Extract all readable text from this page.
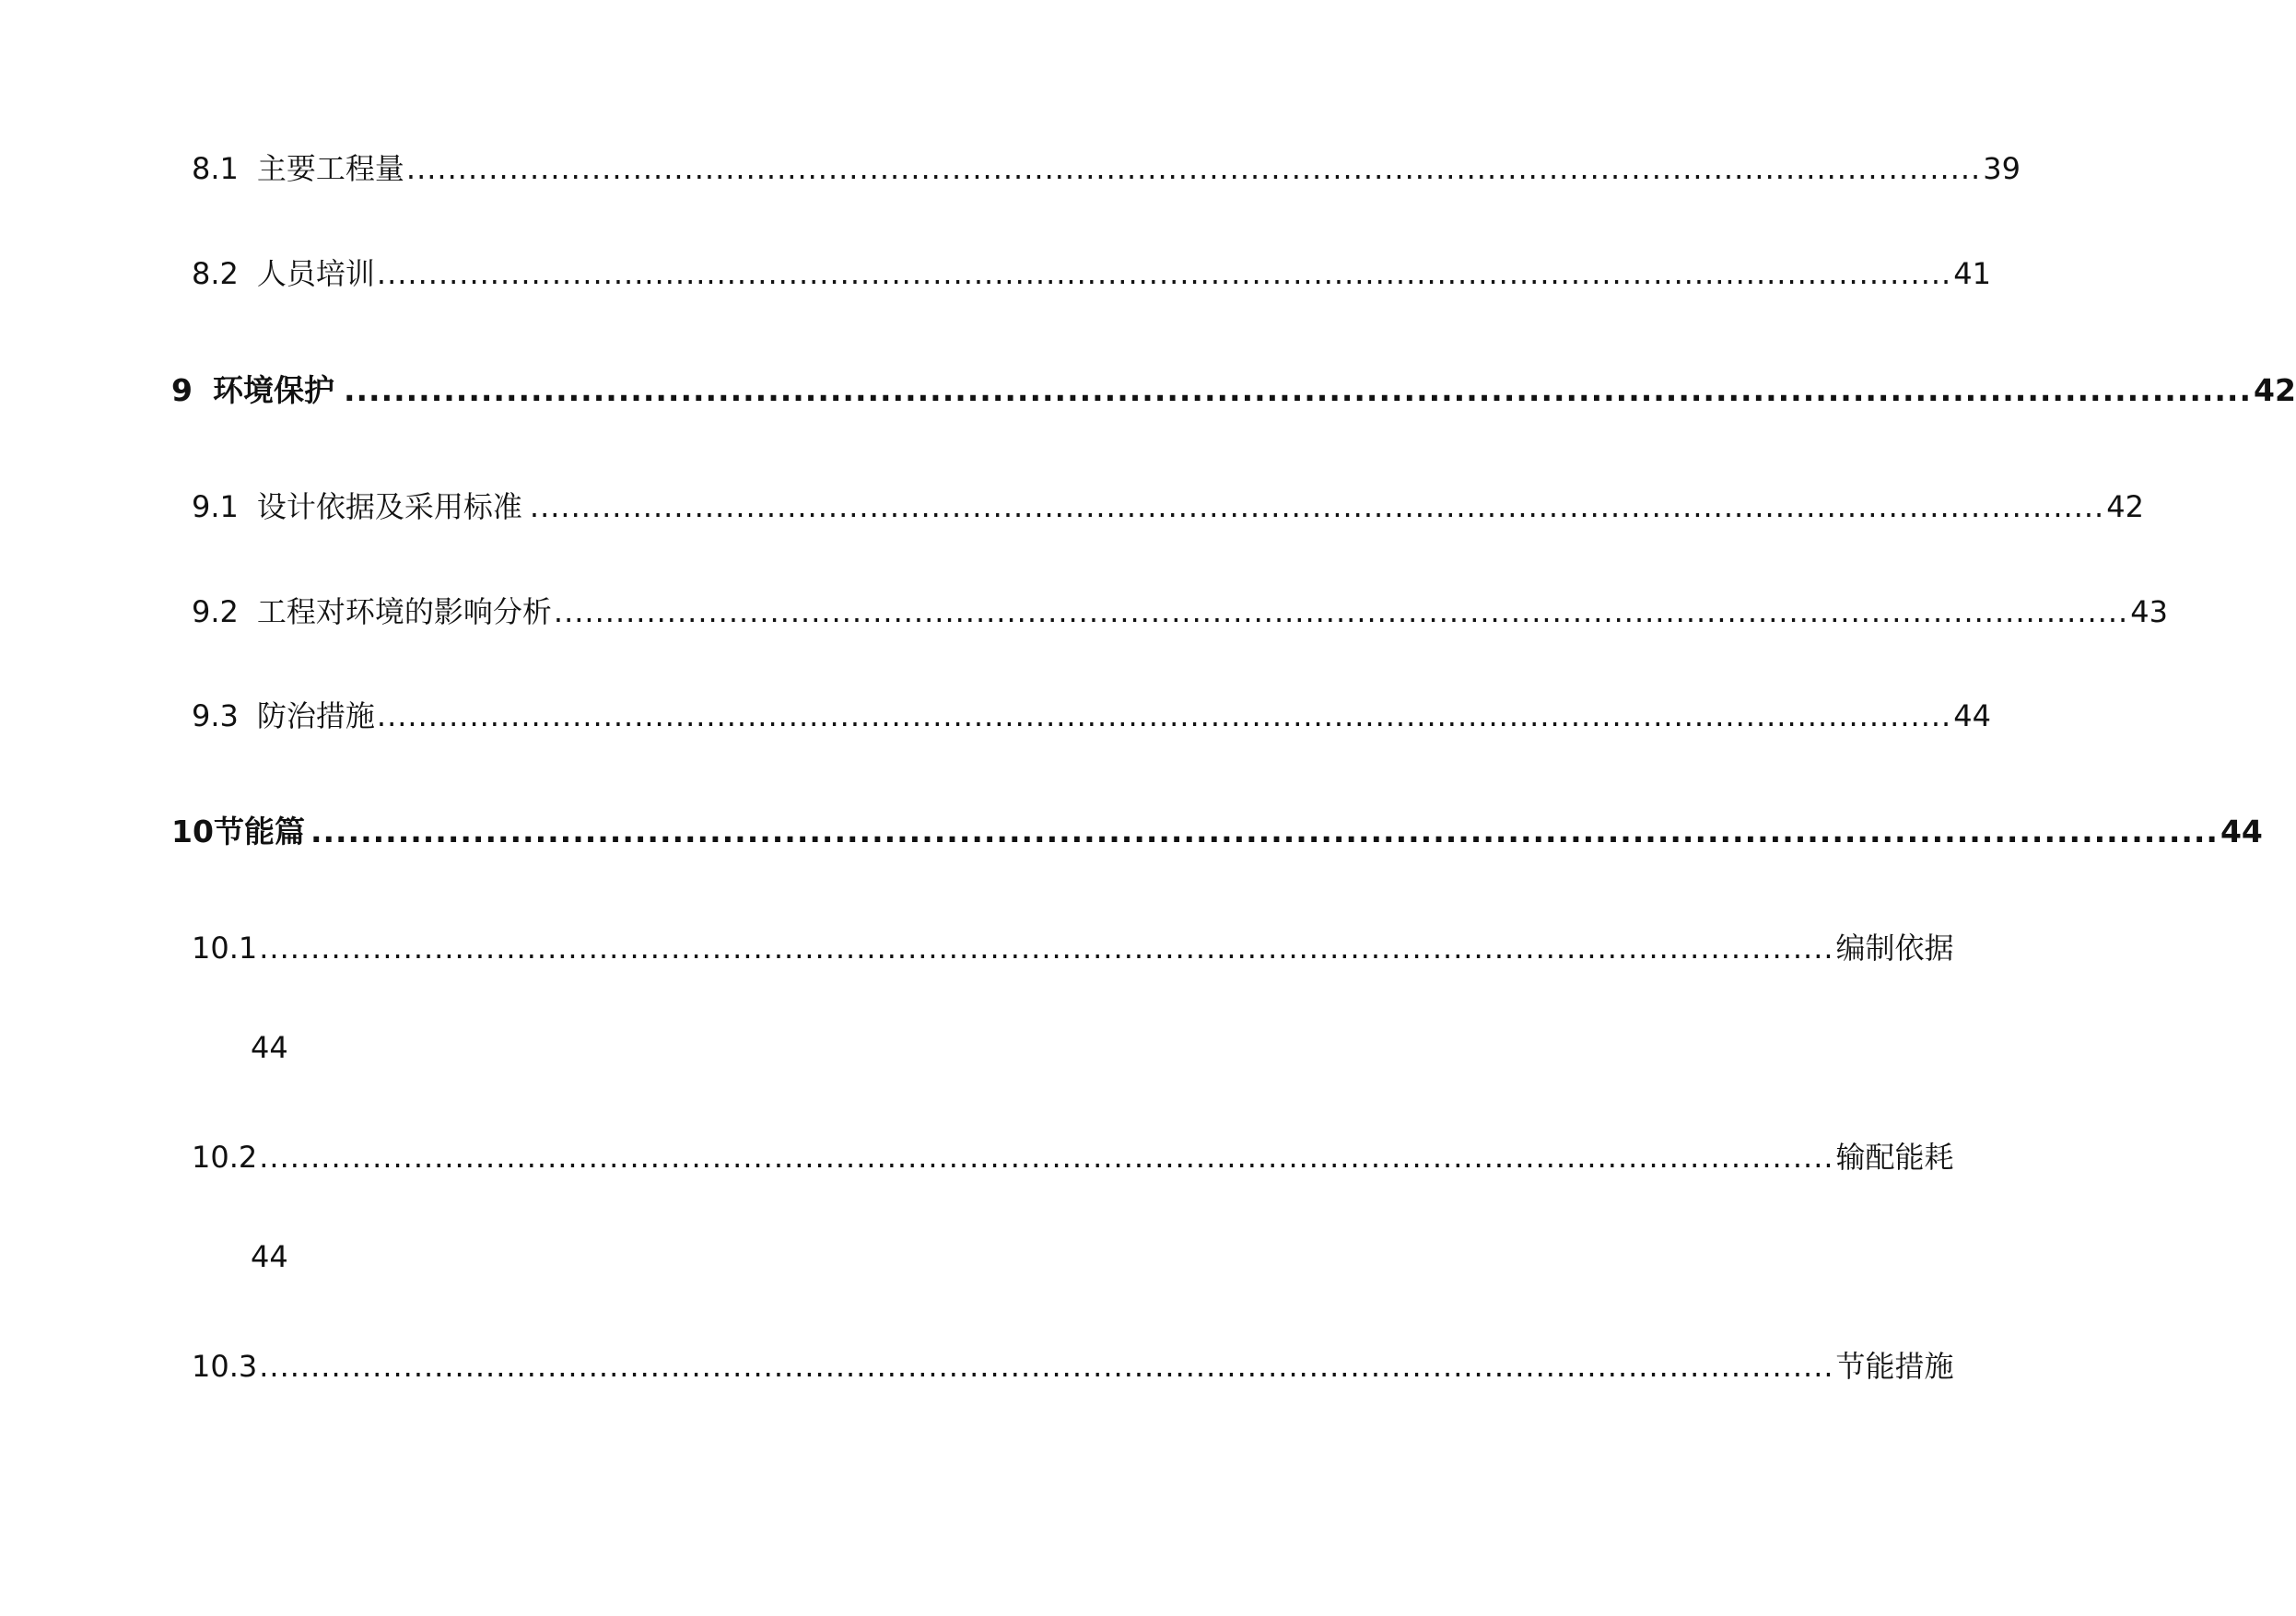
8.1 主要工程量 ......................................................................................................................................................... 39
8.2 人员培训 ......................................................................................................................................................... 41
9 环境保护 ......................................................................................................................................................... 42
9.1 设计依据及采用标准 ......................................................................................................................................................... 42
9.2 工程对环境的影响分析 ......................................................................................................................................................... 43
9.3 防治措施 ......................................................................................................................................................... 44
10 节能篇 ......................................................................................................................................................... 44
10.1 ......................................................................................................................................................... 编制依据
44
10.2 ......................................................................................................................................................... 输配能耗
44
10.3 ......................................................................................................................................................... 节能措施
